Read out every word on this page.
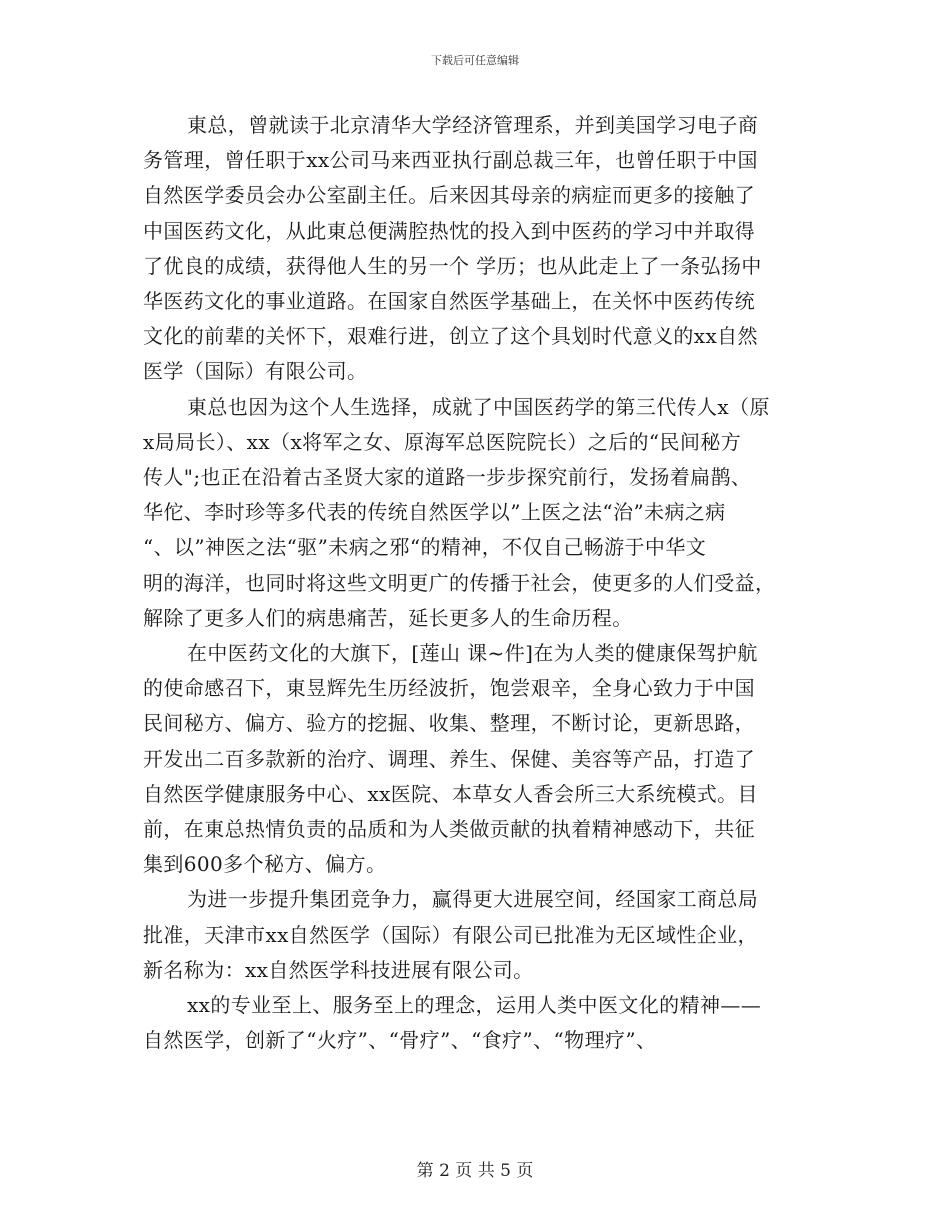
下载后可任意编辑

東总，曾就读于北京清华大学经济管理系，并到美国学习电子商
务管理，曾任职于xx公司马来西亚执行副总裁三年，也曾任职于中国
自然医学委员会办公室副主任。后来因其母亲的病症而更多的接触了
中国医药文化，从此東总便满腔热忱的投入到中医药的学习中并取得
了优良的成绩，获得他人生的另一个 学历；也从此走上了一条弘扬中
华医药文化的事业道路。在国家自然医学基础上，在关怀中医药传统
文化的前辈的关怀下，艰难行进，创立了这个具划时代意义的xx自然
医学（国际）有限公司。

東总也因为这个人生选择，成就了中国医药学的第三代传人x（原
x局局长）、xx（x将军之女、原海军总医院院长）之后的“民间秘方
传人";也正在沿着古圣贤大家的道路一步步探究前行，发扬着扁鹊、
华佗、李时珍等多代表的传统自然医学以”上医之法“治”未病之病
“、以”神医之法“驱”未病之邪“的精神，不仅自己畅游于中华文
明的海洋，也同时将这些文明更广的传播于社会，使更多的人们受益，
解除了更多人们的病患痛苦，延长更多人的生命历程。

在中医药文化的大旗下，[莲山 课~件]在为人类的健康保驾护航
的使命感召下，東昱辉先生历经波折，饱尝艰辛，全身心致力于中国
民间秘方、偏方、验方的挖掘、收集、整理，不断讨论，更新思路，
开发出二百多款新的治疗、调理、养生、保健、美容等产品，打造了
自然医学健康服务中心、xx医院、本草女人香会所三大系统模式。目
前，在東总热情负责的品质和为人类做贡献的执着精神感动下，共征
集到600多个秘方、偏方。

为进一步提升集团竞争力，赢得更大进展空间，经国家工商总局
批准，天津市xx自然医学（国际）有限公司已批准为无区域性企业，
新名称为：xx自然医学科技进展有限公司。

xx的专业至上、服务至上的理念，运用人类中医文化的精神——
自然医学，创新了“火疗”、“骨疗”、“食疗”、“物理疗”、

第 2 页 共 5 页
